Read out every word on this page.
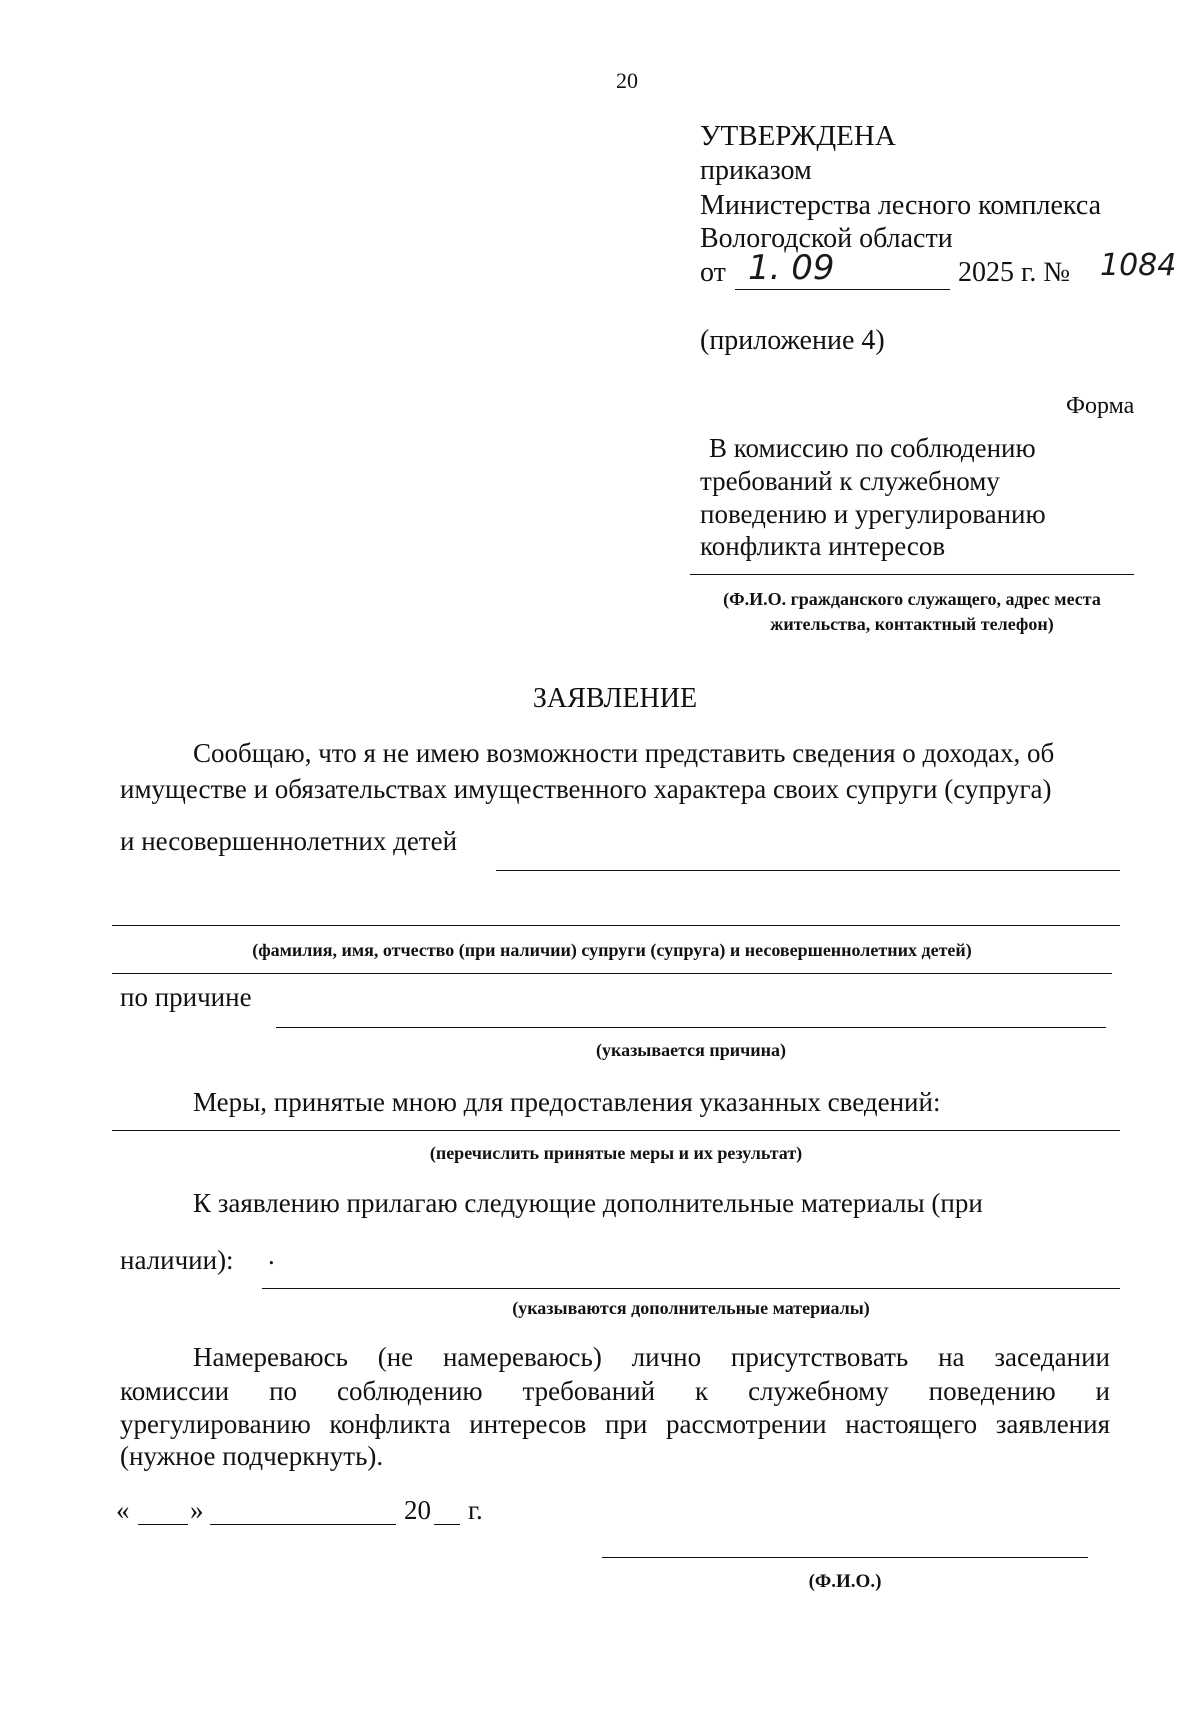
20
УТВЕРЖДЕНА
приказом
Министерства лесного комплекса
Вологодской области
от 1. 09	2025 г. № 1084
(приложение 4)
Форма
В комиссию по соблюдению
требований к служебному
поведению и урегулированию
конфликта интересов
(Ф.И.О. гражданского служащего, адрес места
жительства, контактный телефон)
ЗАЯВЛЕНИЕ
Сообщаю, что я не имею возможности представить сведения о доходах, об
имуществе и обязательствах имущественного характера своих супруги (супруга)
и несовершеннолетних детей
(фамилия, имя, отчество (при наличии) супруги (супруга) и несовершеннолетних детей)
по причине
(указывается причина)
Меры, принятые мною для предоставления указанных сведений:
(перечислить принятые меры и их результат)
К заявлению прилагаю следующие дополнительные материалы (при
наличии): .
(указываются дополнительные материалы)
Намереваюсь (не намереваюсь) лично присутствовать на заседании
комиссии по соблюдению требований к служебному поведению и
урегулированию конфликта интересов при рассмотрении настоящего заявления
(нужное подчеркнуть).
« »	20 г.
(Ф.И.О.)
